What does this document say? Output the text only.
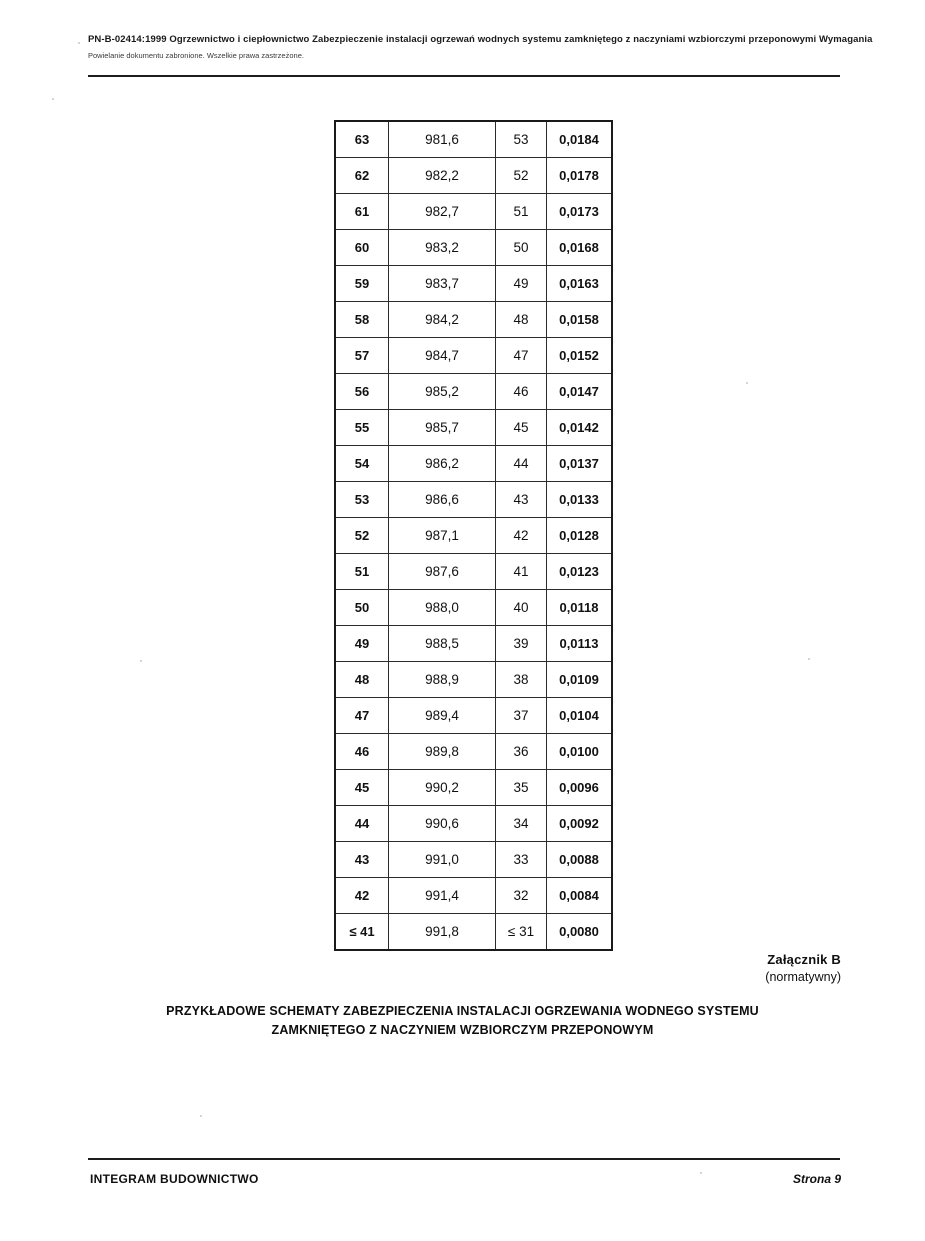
PN-B-02414:1999 Ogrzewnictwo i ciepłownictwo Zabezpieczenie instalacji ogrzewań wodnych systemu zamkniętego z naczyniami wzbiorczymi przeponowymi Wymagania
Powielanie dokumentu zabronione. Wszelkie prawa zastrzeżone.
63	981,6	53	0,0184
62	982,2	52	0,0178
61	982,7	51	0,0173
60	983,2	50	0,0168
59	983,7	49	0,0163
58	984,2	48	0,0158
57	984,7	47	0,0152
56	985,2	46	0,0147
55	985,7	45	0,0142
54	986,2	44	0,0137
53	986,6	43	0,0133
52	987,1	42	0,0128
51	987,6	41	0,0123
50	988,0	40	0,0118
49	988,5	39	0,0113
48	988,9	38	0,0109
47	989,4	37	0,0104
46	989,8	36	0,0100
45	990,2	35	0,0096
44	990,6	34	0,0092
43	991,0	33	0,0088
42	991,4	32	0,0084
≤ 41	991,8	≤ 31	0,0080
Załącznik B
(normatywny)
PRZYKŁADOWE SCHEMATY ZABEZPIECZENIA INSTALACJI OGRZEWANIA WODNEGO SYSTEMU
ZAMKNIĘTEGO Z NACZYNIEM WZBIORCZYM PRZEPONOWYM
INTEGRAM BUDOWNICTWO	Strona 9
